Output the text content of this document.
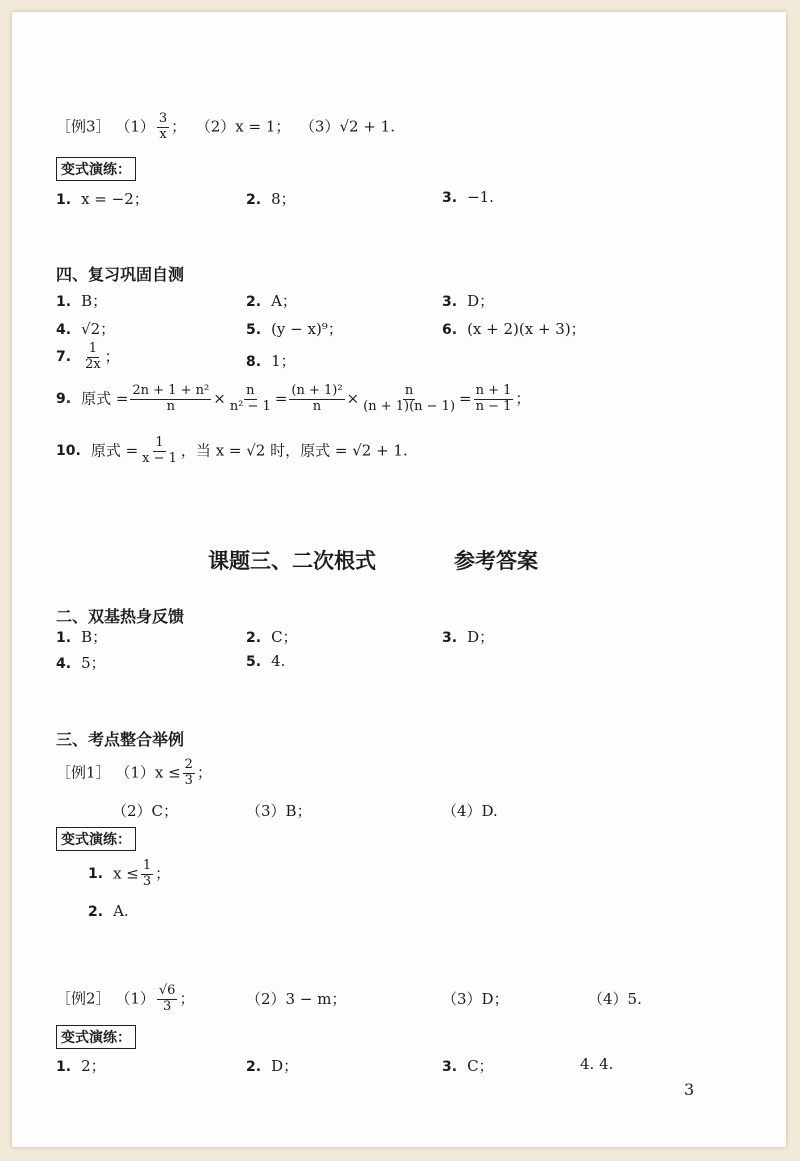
［例3］ $(1) \frac{3}{x}$ ； （2）x = 1； （3）√2 + 1.
变式演练：
1. x = −2；	2. 8；	3. −1.
四、复习巩固自测
1. B；	2. A；	3. D；
4. √2；	5. (y − x)⁹；	6. (x + 2)(x + 3)；
7. $\frac{1}{2x}$ ；	8. 1；
9. 原式 = $\frac{\text{2n + 1 + n²}}{n} \times \frac{n}{\text{n² − 1}} = \frac{\text{(n + 1)²}}{n} \times \frac{n}{(n + 1)(n - 1)} = \frac{n + 1}{n - 1}$ ；
10. 原式 = $\frac{1}{x - 1}$ ，当 x = √2 时，原式 = √2 + 1.
课题三、二次根式	参考答案
二、双基热身反馈
1. B；	2. C；	3. D；
4. 5；	5. 4.
三、考点整合举例
［例1］ $(1)x \le \frac{2}{3}$ ；
（2）C；	（3）B；	（4）D.
变式演练：
1. $x \le \frac{1}{3}$ ；
2. A.
［例2］ $(1) \frac{√6}{3}$ ；	（2）3 − m；	（3）D；	（4）5.
变式演练：
1. 2；	2. D；	3. C；	4. 4.
3
